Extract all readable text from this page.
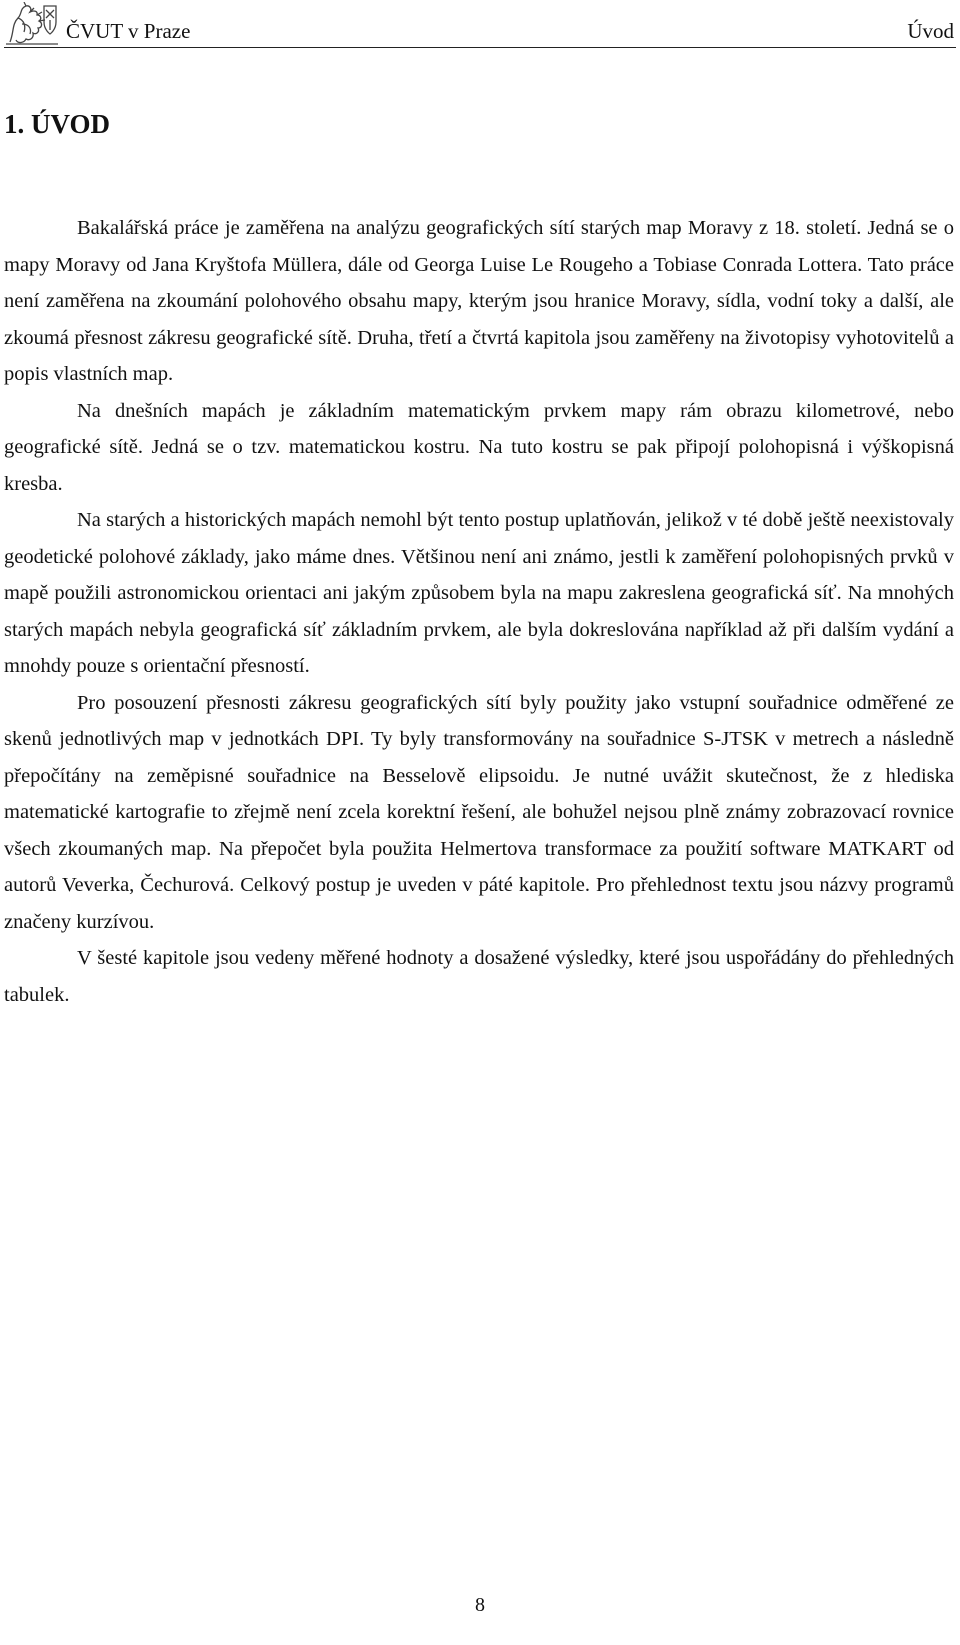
ČVUT v Praze	Úvod
1. ÚVOD

Bakalářská práce je zaměřena na analýzu geografických sítí starých map Moravy z 18. století. Jedná se o mapy Moravy od Jana Kryštofa Müllera, dále od Georga Luise Le Rougeho a Tobiase Conrada Lottera. Tato práce není zaměřena na zkoumání polohového obsahu mapy, kterým jsou hranice Moravy, sídla, vodní toky a další, ale zkoumá přesnost zákresu geografické sítě. Druha, třetí a čtvrtá kapitola jsou zaměřeny na životopisy vyhotovitelů a popis vlastních map.

Na dnešních mapách je základním matematickým prvkem mapy rám obrazu kilometrové, nebo geografické sítě. Jedná se o tzv. matematickou kostru. Na tuto kostru se pak připojí polohopisná i výškopisná kresba.

Na starých a historických mapách nemohl být tento postup uplatňován, jelikož v té době ještě neexistovaly geodetické polohové základy, jako máme dnes. Většinou není ani známo, jestli k zaměření polohopisných prvků v mapě použili astronomickou orientaci ani jakým způsobem byla na mapu zakreslena geografická síť. Na mnohých starých mapách nebyla geografická síť základním prvkem, ale byla dokreslována například až při dalším vydání a mnohdy pouze s orientační přesností.

Pro posouzení přesnosti zákresu geografických sítí byly použity jako vstupní souřadnice odměřené ze skenů jednotlivých map v jednotkách DPI. Ty byly transformovány na souřadnice S-JTSK v metrech a následně přepočítány na zeměpisné souřadnice na Besselově elipsoidu. Je nutné uvážit skutečnost, že z hlediska matematické kartografie to zřejmě není zcela korektní řešení, ale bohužel nejsou plně známy zobrazovací rovnice všech zkoumaných map. Na přepočet byla použita Helmertova transformace za použití software MATKART od autorů Veverka, Čechurová. Celkový postup je uveden v páté kapitole. Pro přehlednost textu jsou názvy programů značeny kurzívou.

V šesté kapitole jsou vedeny měřené hodnoty a dosažené výsledky, které jsou uspořádány do přehledných tabulek.

8
